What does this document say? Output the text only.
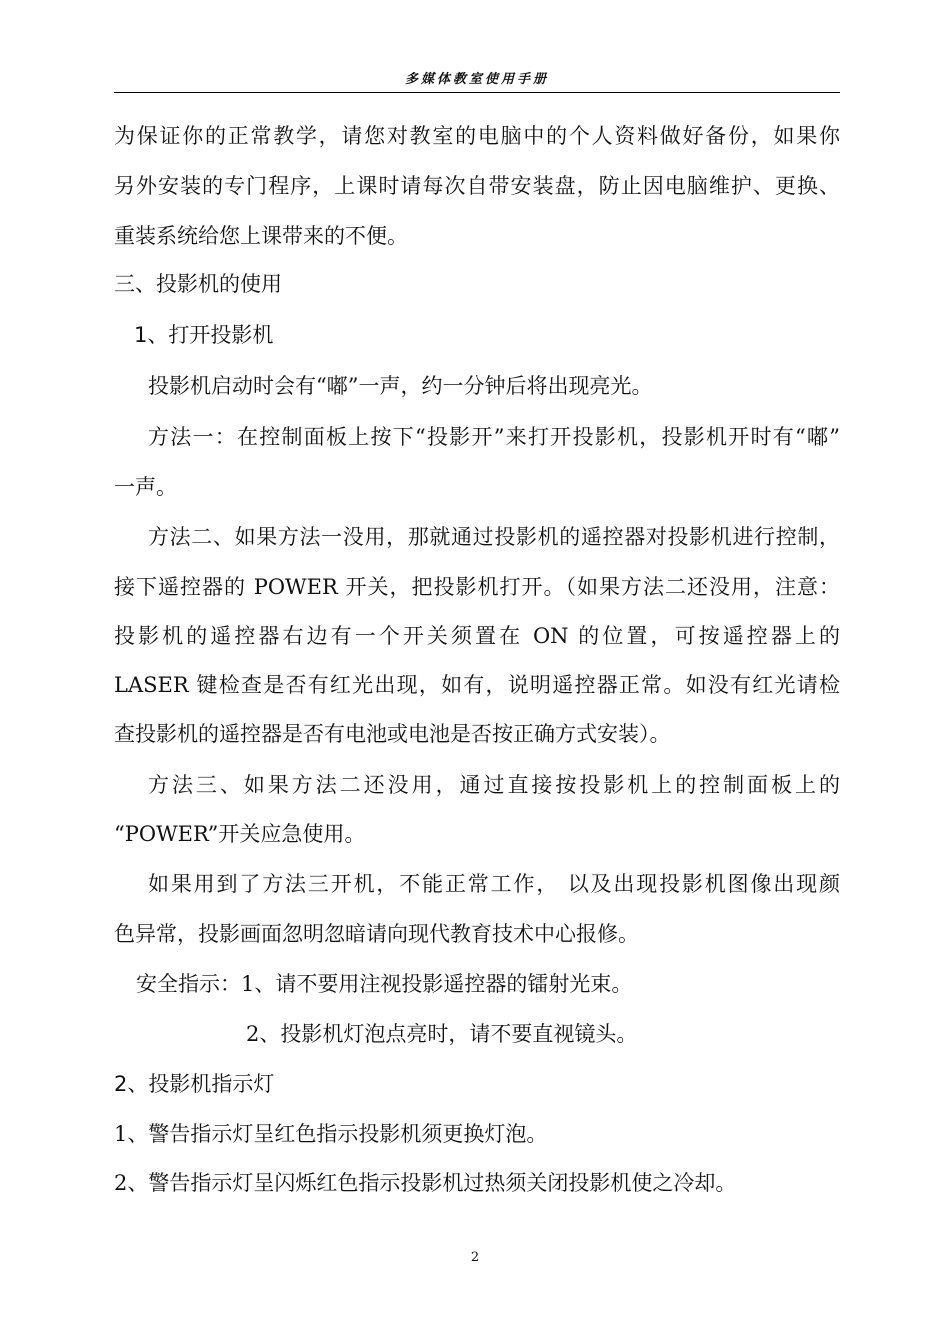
多媒体教室使用手册
为保证你的正常教学，请您对教室的电脑中的个人资料做好备份，如果你
另外安装的专门程序，上课时请每次自带安装盘，防止因电脑维护、更换、
重装系统给您上课带来的不便。
三、投影机的使用
1、打开投影机
投影机启动时会有“嘟”一声，约一分钟后将出现亮光。
方法一：在控制面板上按下“投影开”来打开投影机，投影机开时有“嘟”
一声。
方法二、如果方法一没用，那就通过投影机的遥控器对投影机进行控制，
接下遥控器的 POWER 开关，把投影机打开。（如果方法二还没用，注意：
投影机的遥控器右边有一个开关须置在 ON 的位置，可按遥控器上的
LASER 键检查是否有红光出现，如有，说明遥控器正常。如没有红光请检
查投影机的遥控器是否有电池或电池是否按正确方式安装）。
方法三、如果方法二还没用，通过直接按投影机上的控制面板上的
“POWER”开关应急使用。
如果用到了方法三开机，不能正常工作， 以及出现投影机图像出现颜
色异常，投影画面忽明忽暗请向现代教育技术中心报修。
安全指示：1、请不要用注视投影遥控器的镭射光束。
2、投影机灯泡点亮时，请不要直视镜头。
2、投影机指示灯
1、警告指示灯呈红色指示投影机须更换灯泡。
2、警告指示灯呈闪烁红色指示投影机过热须关闭投影机使之冷却。
2
